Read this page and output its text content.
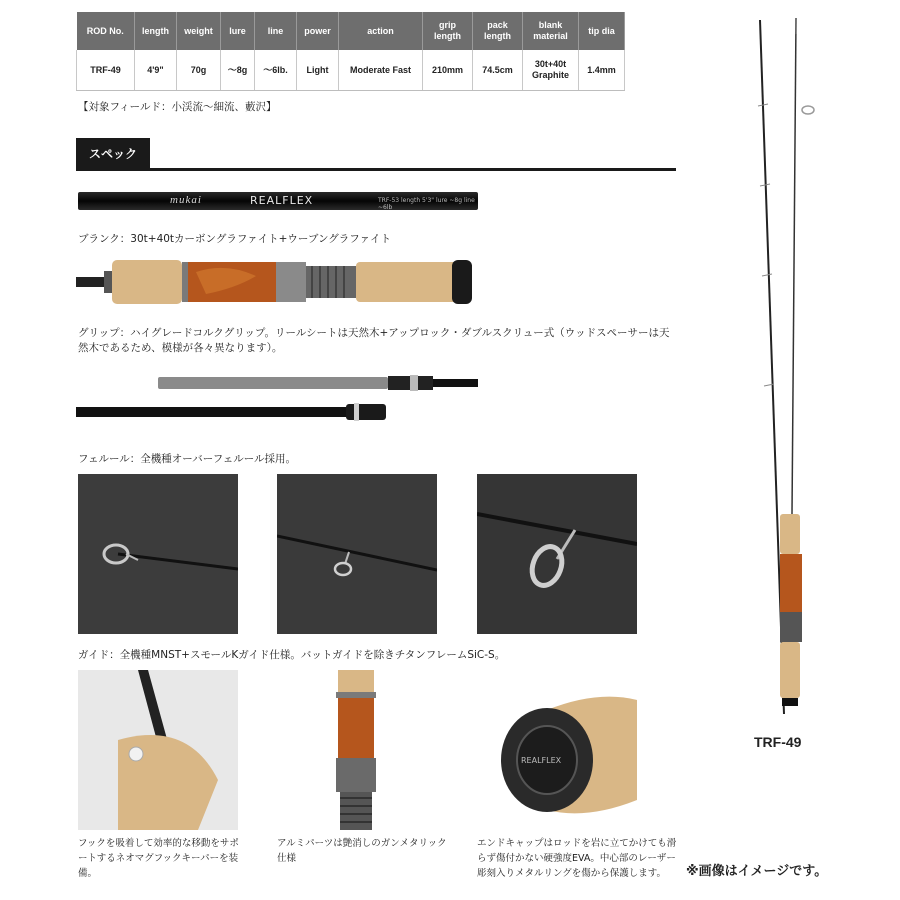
ROD No.	length	weight	lure	line	power	action	grip length	pack length	blank material	tip dia
TRF-49	4'9"	70g	～8g	～6lb.	Light	Moderate Fast	210mm	74.5cm	30t+40t Graphite	1.4mm
【対象フィールド：小渓流～細流、藪沢】
スペック
mukai	REALFLEX	TRF-53 length 5'3" lure ~8g line ~6lb
ブランク：30t+40tカーボングラファイト+ウーブングラファイト
グリップ：ハイグレードコルクグリップ。リールシートは天然木+アップロック・ダブルスクリュー式（ウッドスペーサーは天然木であるため、模様が各々異なります）。
フェルール：全機種オーバーフェルール採用。
ガイド：全機種MNST+スモールKガイド仕様。バットガイドを除きチタンフレームSiC-S。
REALFLEX
フックを吸着して効率的な移動をサポートするネオマグフックキーパーを装備。
アルミパーツは艶消しのガンメタリック仕様
エンドキャップはロッドを岩に立てかけても滑らず傷付かない硬強度EVA。中心部のレーザー彫刻入りメタルリングを傷から保護します。
TRF-49
※画像はイメージです。
